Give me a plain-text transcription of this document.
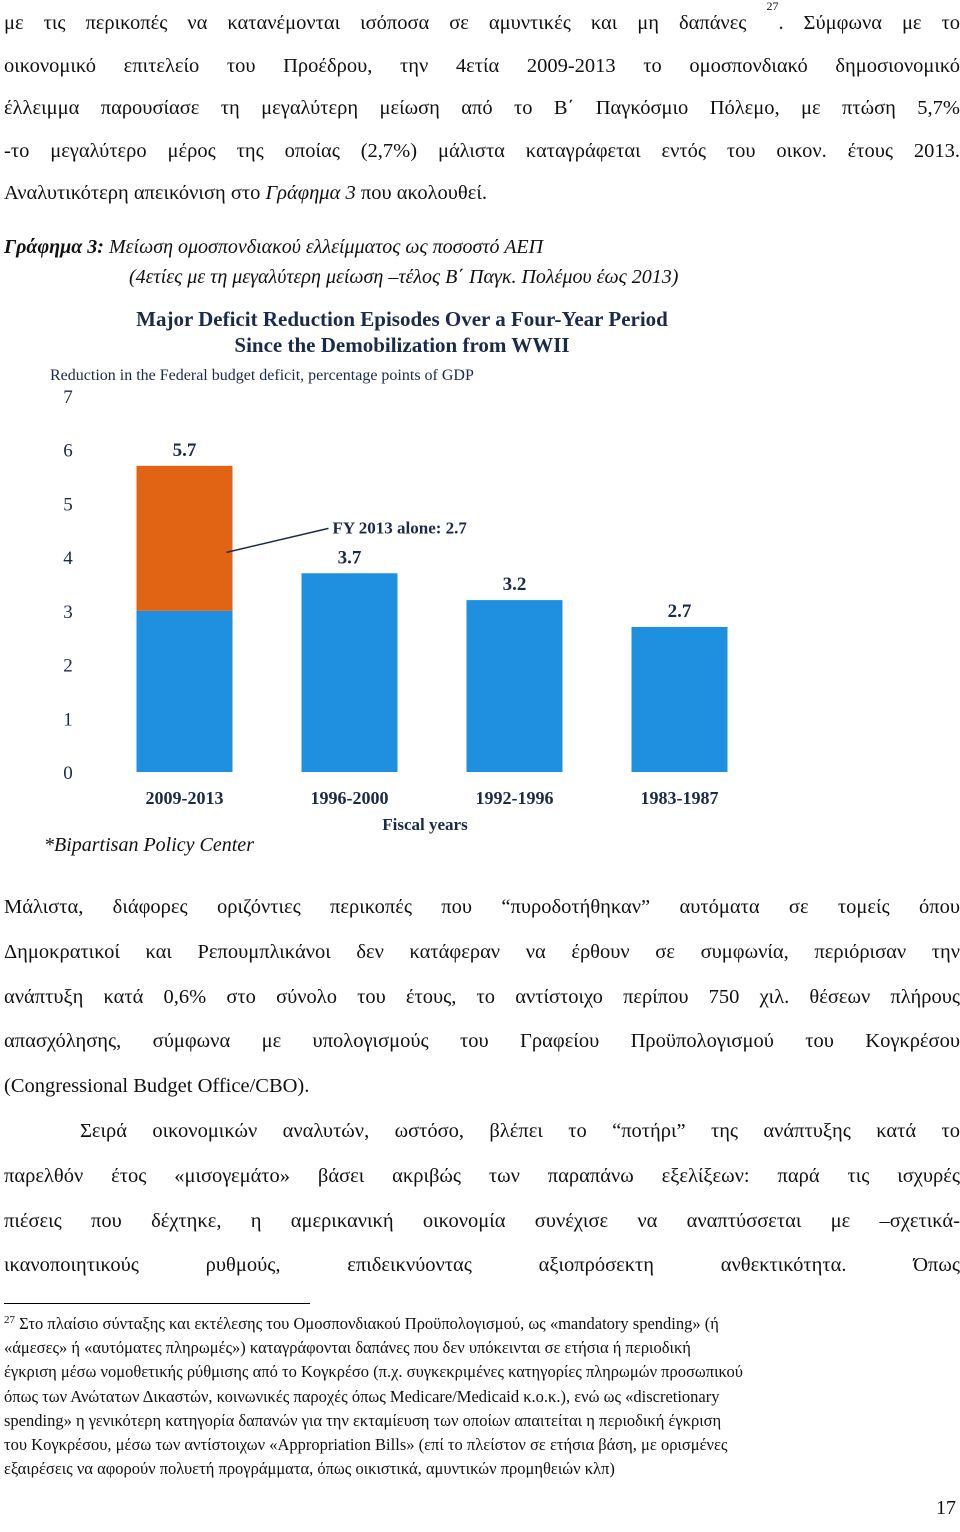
με τις περικοπές να κατανέμονται ισόποσα σε αμυντικές και μη δαπάνες $^{27}$. Σύμφωνα με το
οικονομικό επιτελείο του Προέδρου, την 4ετία 2009-2013 το ομοσπονδιακό δημοσιονομικό
έλλειμμα παρουσίασε τη μεγαλύτερη μείωση από το Β΄ Παγκόσμιο Πόλεμο, με πτώση 5,7%
-το μεγαλύτερο μέρος της οποίας (2,7%) μάλιστα καταγράφεται εντός του οικον. έτους 2013.
Αναλυτικότερη απεικόνιση στο Γράφημα 3 που ακολουθεί.
Γράφημα 3: Μείωση ομοσπονδιακού ελλείμματος ως ποσοστό ΑΕΠ
(4ετίες με τη μεγαλύτερη μείωση –τέλος Β΄ Παγκ. Πολέμου έως 2013)
Major Deficit Reduction Episodes Over a Four-Year Period
Since the Demobilization from WWII
Reduction in the Federal budget deficit, percentage points of GDP
0
1
2
3
4
5
6
7
5.7
3.7
3.2
2.7
2009-2013	1996-2000	1992-1996	1983-1987
FY 2013 alone: 2.7
Fiscal years
*Bipartisan Policy Center
Μάλιστα, διάφορες οριζόντιες περικοπές που “πυροδοτήθηκαν” αυτόματα σε τομείς όπου
Δημοκρατικοί και Ρεπουμπλικάνοι δεν κατάφεραν να έρθουν σε συμφωνία, περιόρισαν την
ανάπτυξη κατά 0,6% στο σύνολο του έτους, το αντίστοιχο περίπου 750 χιλ. θέσεων πλήρους
απασχόλησης, σύμφωνα με υπολογισμούς του Γραφείου Προϋπολογισμού του Κογκρέσου
(Congressional Budget Office/CBO).
Σειρά οικονομικών αναλυτών, ωστόσο, βλέπει το “ποτήρι” της ανάπτυξης κατά το
παρελθόν έτος «μισογεμάτο» βάσει ακριβώς των παραπάνω εξελίξεων: παρά τις ισχυρές
πιέσεις που δέχτηκε, η αμερικανική οικονομία συνέχισε να αναπτύσσεται με –σχετικά-
ικανοποιητικούς ρυθμούς, επιδεικνύοντας αξιοπρόσεκτη ανθεκτικότητα. Όπως
$^{27}$ Στο πλαίσιο σύνταξης και εκτέλεσης του Ομοσπονδιακού Προϋπολογισμού, ως «mandatory spending» (ή
«άμεσες» ή «αυτόματες πληρωμές») καταγράφονται δαπάνες που δεν υπόκεινται σε ετήσια ή περιοδική
έγκριση μέσω νομοθετικής ρύθμισης από το Κογκρέσο (π.χ. συγκεκριμένες κατηγορίες πληρωμών προσωπικού
όπως των Ανώτατων Δικαστών, κοινωνικές παροχές όπως Medicare/Medicaid κ.ο.κ.), ενώ ως «discretionary
spending» η γενικότερη κατηγορία δαπανών για την εκταμίευση των οποίων απαιτείται η περιοδική έγκριση
του Κογκρέσου, μέσω των αντίστοιχων «Appropriation Bills» (επί το πλείστον σε ετήσια βάση, με ορισμένες
εξαιρέσεις να αφορούν πολυετή προγράμματα, όπως οικιστικά, αμυντικών προμηθειών κλπ)
17
